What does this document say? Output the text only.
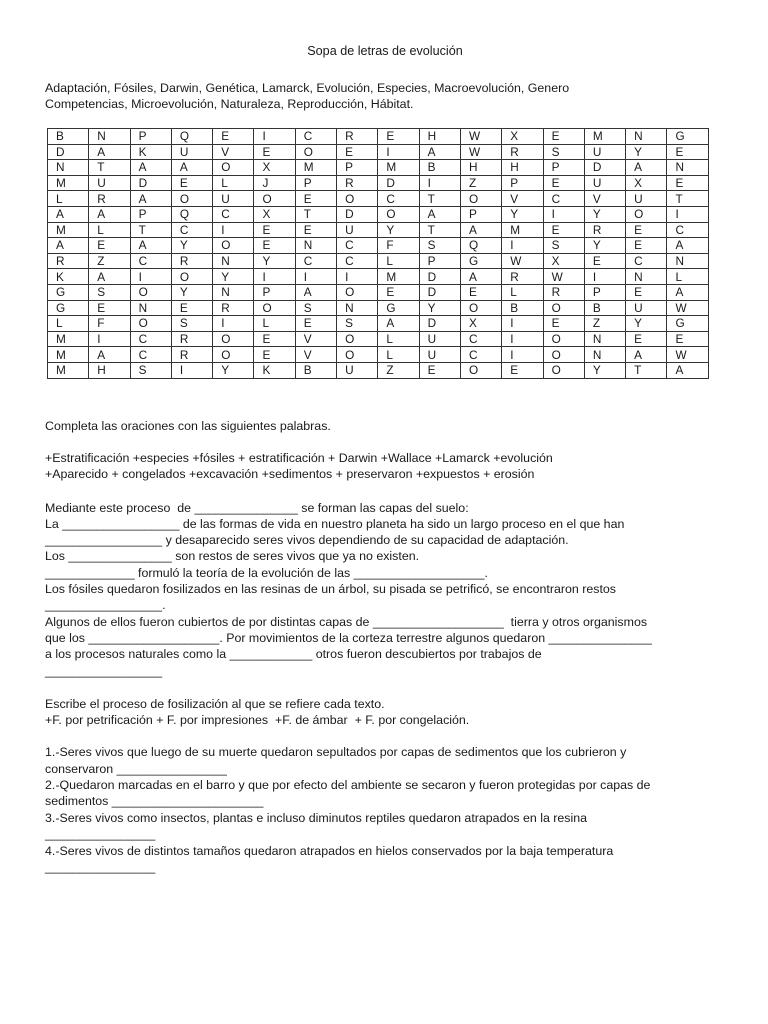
Sopa de letras de evolución
Adaptación, Fósiles, Darwin, Genética, Lamarck, Evolución, Especies, Macroevolución, Genero
Competencias, Microevolución, Naturaleza, Reproducción, Hábitat.
B	N	P	Q	E	I	C	R	E	H	W	X	E	M	N	G
D	A	K	U	V	E	O	E	I	A	W	R	S	U	Y	E
N	T	A	A	O	X	M	P	M	B	H	H	P	D	A	N
M	U	D	E	L	J	P	R	D	I	Z	P	E	U	X	E
L	R	A	O	U	O	E	O	C	T	O	V	C	V	U	T
A	A	P	Q	C	X	T	D	O	A	P	Y	I	Y	O	I
M	L	T	C	I	E	E	U	Y	T	A	M	E	R	E	C
A	E	A	Y	O	E	N	C	F	S	Q	I	S	Y	E	A
R	Z	C	R	N	Y	C	C	L	P	G	W	X	E	C	N
K	A	I	O	Y	I	I	I	M	D	A	R	W	I	N	L
G	S	O	Y	N	P	A	O	E	D	E	L	R	P	E	A
G	E	N	E	R	O	S	N	G	Y	O	B	O	B	U	W
L	F	O	S	I	L	E	S	A	D	X	I	E	Z	Y	G
M	I	C	R	O	E	V	O	L	U	C	I	O	N	E	E
M	A	C	R	O	E	V	O	L	U	C	I	O	N	A	W
M	H	S	I	Y	K	B	U	Z	E	O	E	O	Y	T	A
Completa las oraciones con las siguientes palabras.
+Estratificación +especies +fósiles + estratificación + Darwin +Wallace +Lamarck +evolución
+Aparecido + congelados +excavación +sedimentos + preservaron +expuestos + erosión
Mediante este proceso  de _______________ se forman las capas del suelo:
La _________________ de las formas de vida en nuestro planeta ha sido un largo proceso en el que han
_________________ y desaparecido seres vivos dependiendo de su capacidad de adaptación.
Los _______________ son restos de seres vivos que ya no existen.
_____________ formuló la teoría de la evolución de las ___________________.
Los fósiles quedaron fosilizados en las resinas de un árbol, su pisada se petrificó, se encontraron restos
_________________.
Algunos de ellos fueron cubiertos de por distintas capas de ___________________  tierra y otros organismos
que los ___________________. Por movimientos de la corteza terrestre algunos quedaron _______________
a los procesos naturales como la ____________ otros fueron descubiertos por trabajos de
_________________
Escribe el proceso de fosilización al que se refiere cada texto.
+F. por petrificación + F. por impresiones  +F. de ámbar  + F. por congelación.
1.-Seres vivos que luego de su muerte quedaron sepultados por capas de sedimentos que los cubrieron y
conservaron ________________
2.-Quedaron marcadas en el barro y que por efecto del ambiente se secaron y fueron protegidas por capas de
sedimentos ______________________
3.-Seres vivos como insectos, plantas e incluso diminutos reptiles quedaron atrapados en la resina
________________
4.-Seres vivos de distintos tamaños quedaron atrapados en hielos conservados por la baja temperatura
________________
